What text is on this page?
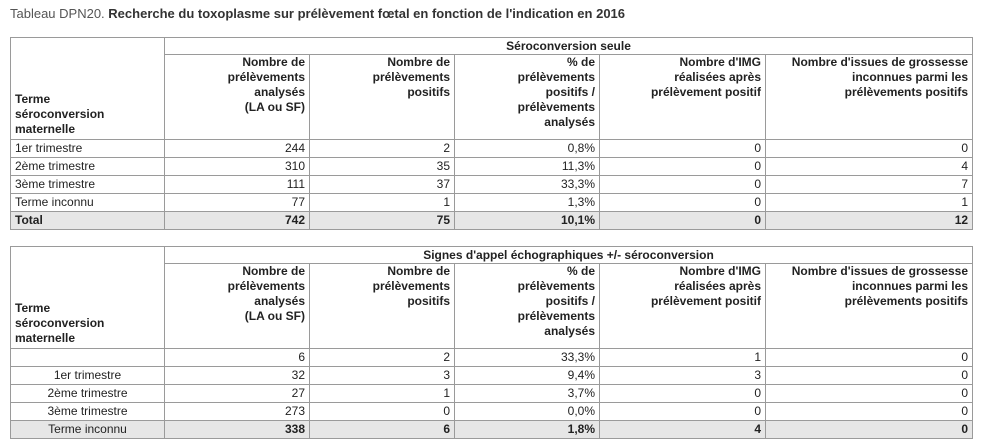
Tableau DPN20. Recherche du toxoplasme sur prélèvement fœtal en fonction de l'indication en 2016
Terme
séroconversion
maternelle	Séroconversion seule				
	Nombre de
prélèvements
analysés
(LA ou SF)	Nombre de
prélèvements
positifs	% de
prélèvements
positifs /
prélèvements
analysés	Nombre d'IMG
réalisées après
prélèvement positif	Nombre d'issues de grossesse
inconnues parmi les
prélèvements positifs
1er trimestre	244	2	0,8%	0	0
2ème trimestre	310	35	11,3%	0	4
3ème trimestre	111	37	33,3%	0	7
Terme inconnu	77	1	1,3%	0	1
Total	742	75	10,1%	0	12
Terme
séroconversion
maternelle	Signes d'appel échographiques +/- séroconversion				
	Nombre de
prélèvements
analysés
(LA ou SF)	Nombre de
prélèvements
positifs	% de
prélèvements
positifs /
prélèvements
analysés	Nombre d'IMG
réalisées après
prélèvement positif	Nombre d'issues de grossesse
inconnues parmi les
prélèvements positifs
	6	2	33,3%	1	0
1er trimestre	32	3	9,4%	3	0
2ème trimestre	27	1	3,7%	0	0
3ème trimestre	273	0	0,0%	0	0
Terme inconnu	338	6	1,8%	4	0
